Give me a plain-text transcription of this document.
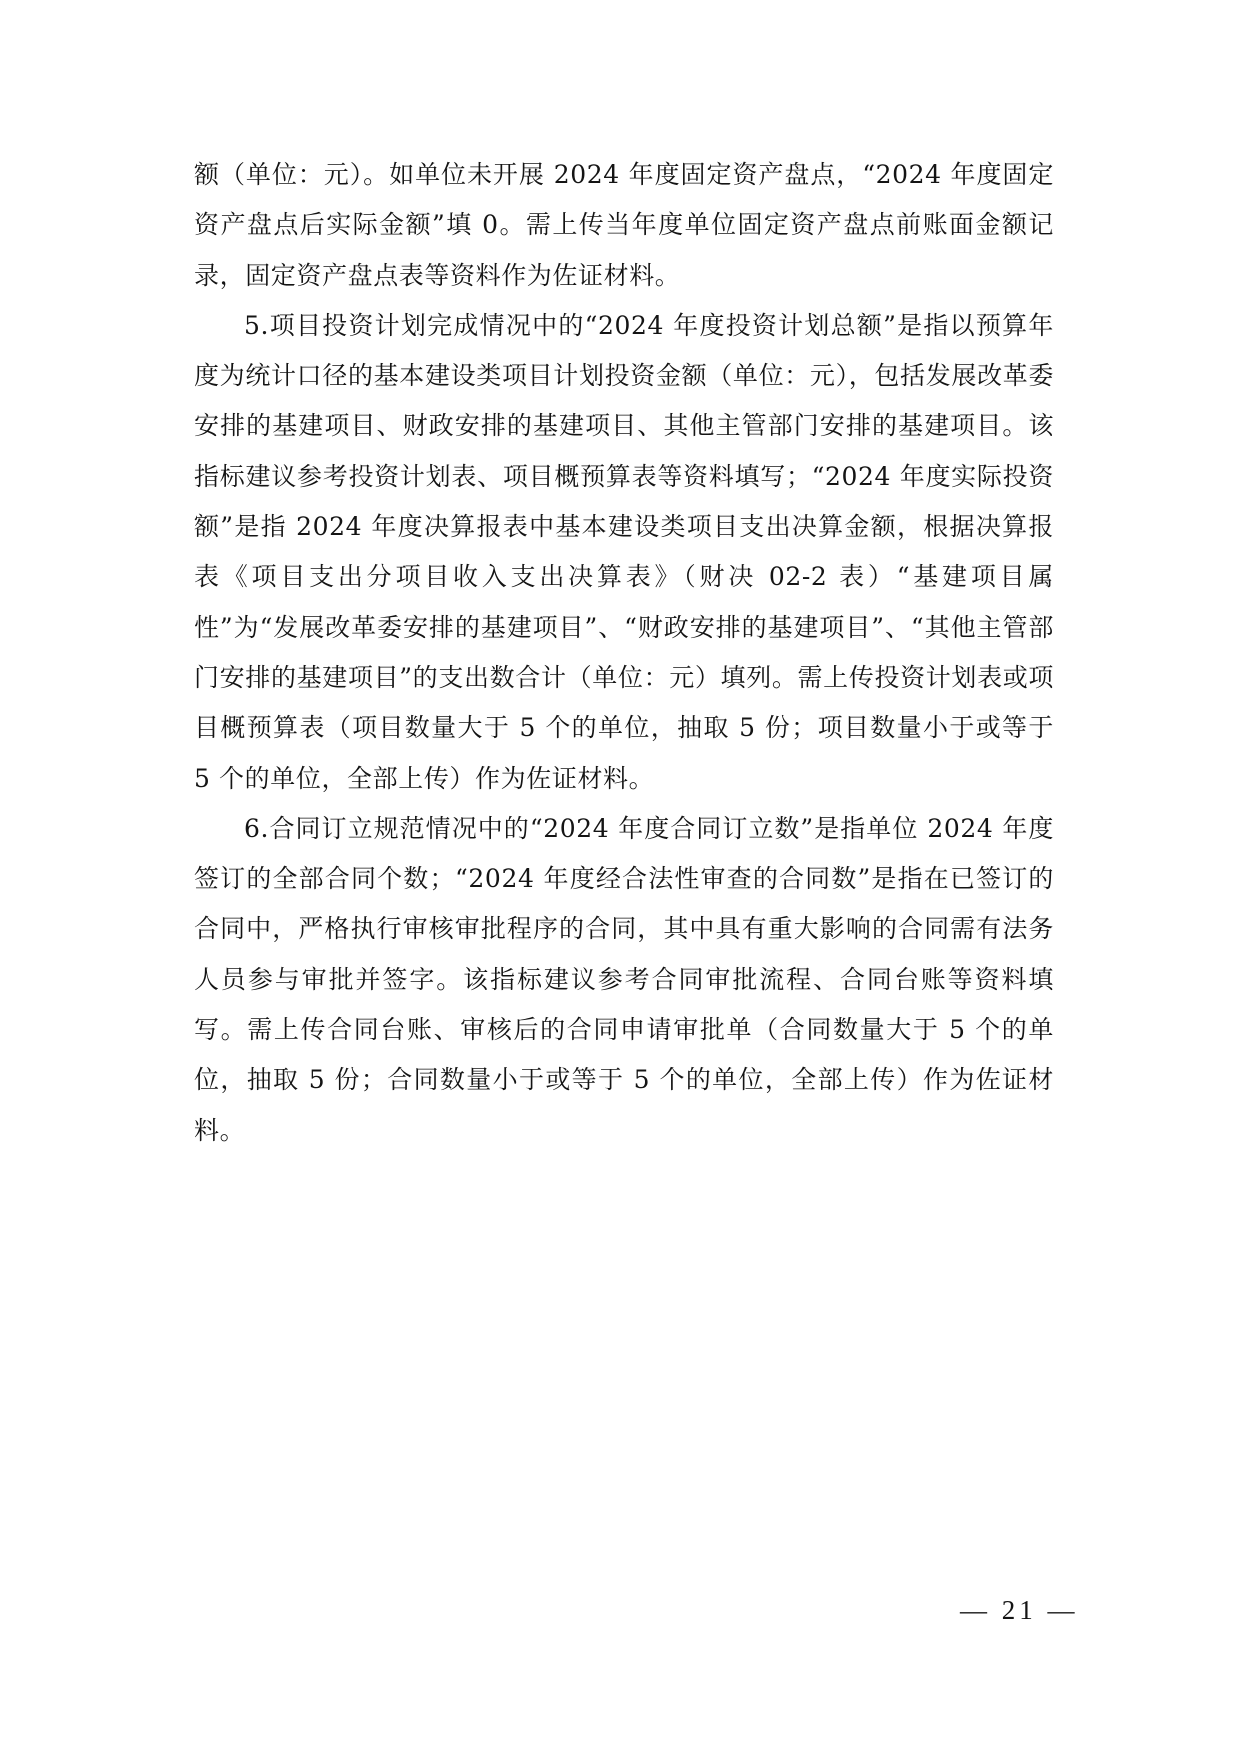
额（单位：元）。如单位未开展 2024 年度固定资产盘点，“2024 年度固定资产盘点后实际金额”填 0。需上传当年度单位固定资产盘点前账面金额记录，固定资产盘点表等资料作为佐证材料。

5.项目投资计划完成情况中的“2024 年度投资计划总额”是指以预算年度为统计口径的基本建设类项目计划投资金额（单位：元），包括发展改革委安排的基建项目、财政安排的基建项目、其他主管部门安排的基建项目。该指标建议参考投资计划表、项目概预算表等资料填写；“2024 年度实际投资额”是指 2024 年度决算报表中基本建设类项目支出决算金额，根据决算报表《项目支出分项目收入支出决算表》（财决 02-2 表）“基建项目属性”为“发展改革委安排的基建项目”、“财政安排的基建项目”、“其他主管部门安排的基建项目”的支出数合计（单位：元）填列。需上传投资计划表或项目概预算表（项目数量大于 5 个的单位，抽取 5 份；项目数量小于或等于 5 个的单位，全部上传）作为佐证材料。

6.合同订立规范情况中的“2024 年度合同订立数”是指单位 2024 年度签订的全部合同个数；“2024 年度经合法性审查的合同数”是指在已签订的合同中，严格执行审核审批程序的合同，其中具有重大影响的合同需有法务人员参与审批并签字。该指标建议参考合同审批流程、合同台账等资料填写。需上传合同台账、审核后的合同申请审批单（合同数量大于 5 个的单位，抽取 5 份；合同数量小于或等于 5 个的单位，全部上传）作为佐证材料。

— 21 —
